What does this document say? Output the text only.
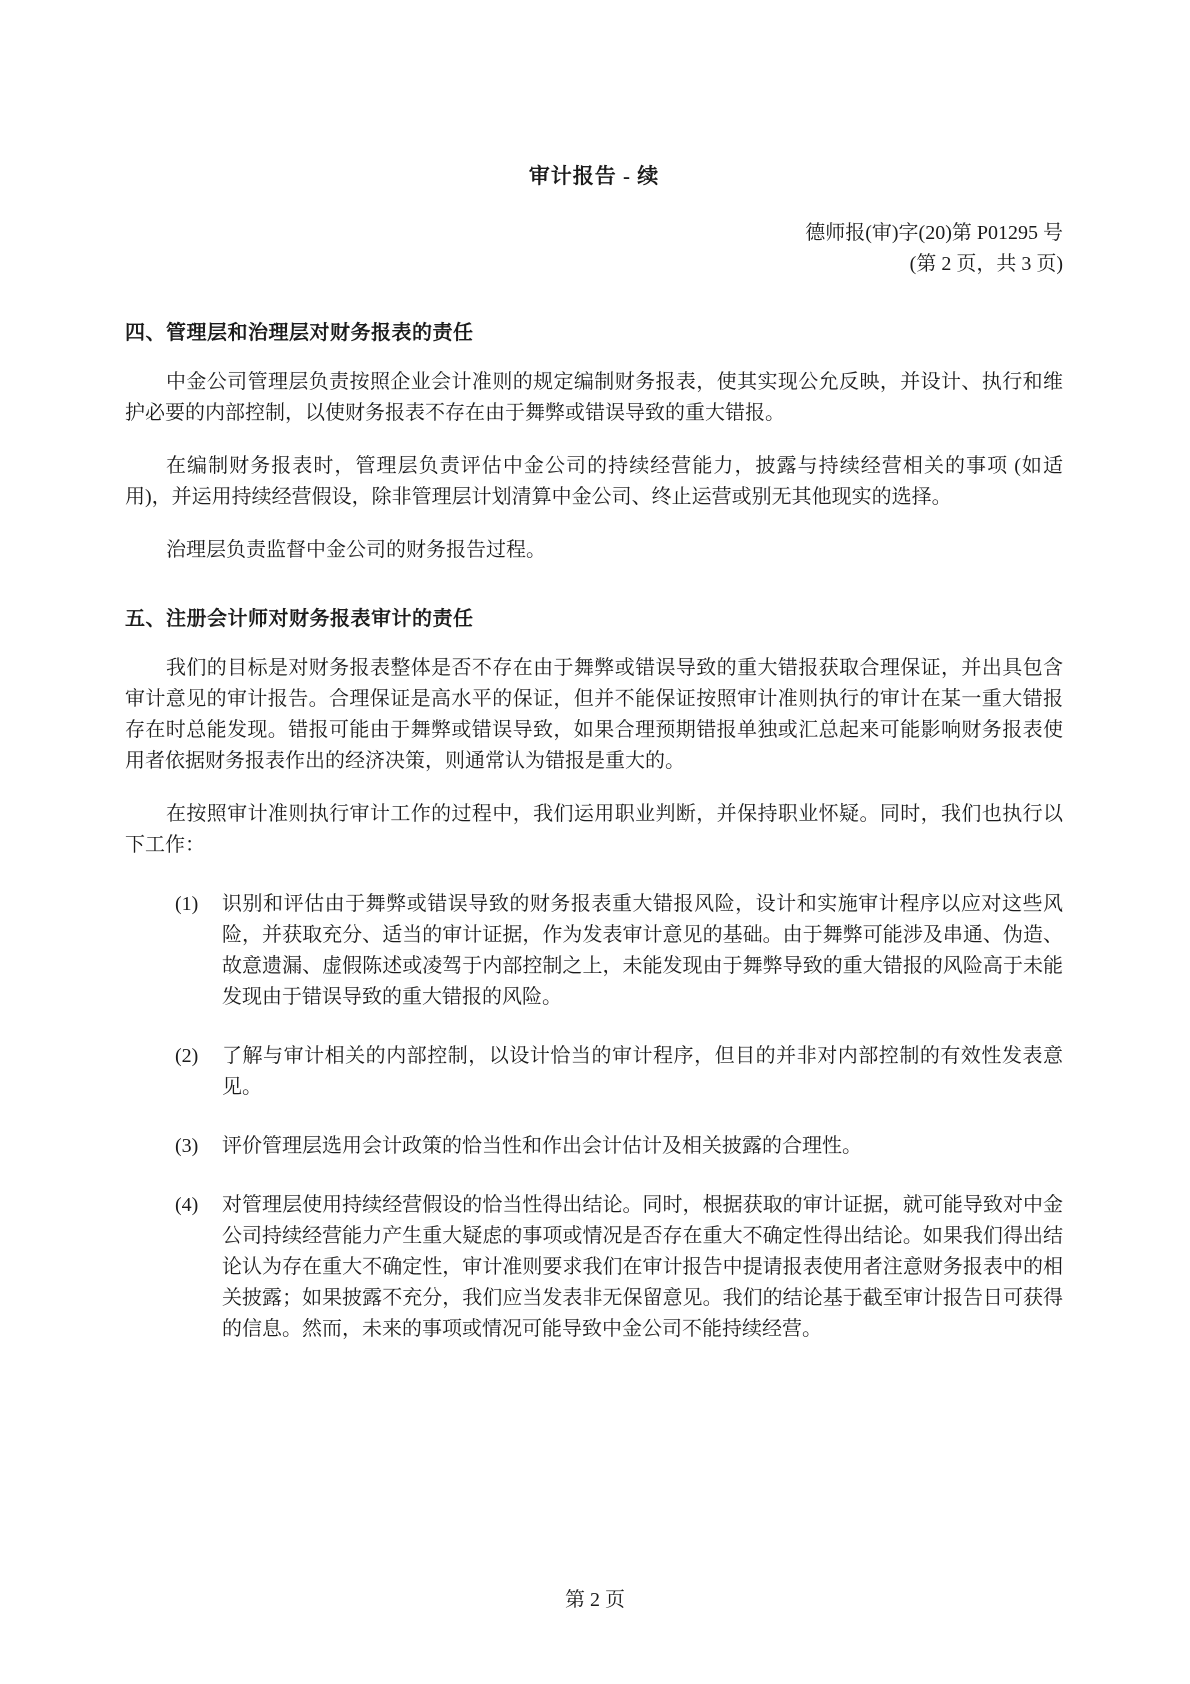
审计报告 - 续
德师报(审)字(20)第 P01295 号
(第 2 页，共 3 页)
四、管理层和治理层对财务报表的责任

中金公司管理层负责按照企业会计准则的规定编制财务报表，使其实现公允反映，并设计、执行和维护必要的内部控制，以使财务报表不存在由于舞弊或错误导致的重大错报。

在编制财务报表时，管理层负责评估中金公司的持续经营能力，披露与持续经营相关的事项 (如适用)，并运用持续经营假设，除非管理层计划清算中金公司、终止运营或别无其他现实的选择。

治理层负责监督中金公司的财务报告过程。

五、注册会计师对财务报表审计的责任

我们的目标是对财务报表整体是否不存在由于舞弊或错误导致的重大错报获取合理保证，并出具包含审计意见的审计报告。合理保证是高水平的保证，但并不能保证按照审计准则执行的审计在某一重大错报存在时总能发现。错报可能由于舞弊或错误导致，如果合理预期错报单独或汇总起来可能影响财务报表使用者依据财务报表作出的经济决策，则通常认为错报是重大的。

在按照审计准则执行审计工作的过程中，我们运用职业判断，并保持职业怀疑。同时，我们也执行以下工作：

(1)	识别和评估由于舞弊或错误导致的财务报表重大错报风险，设计和实施审计程序以应对这些风险，并获取充分、适当的审计证据，作为发表审计意见的基础。由于舞弊可能涉及串通、伪造、故意遗漏、虚假陈述或凌驾于内部控制之上，未能发现由于舞弊导致的重大错报的风险高于未能发现由于错误导致的重大错报的风险。
(2)	了解与审计相关的内部控制，以设计恰当的审计程序，但目的并非对内部控制的有效性发表意见。
(3)	评价管理层选用会计政策的恰当性和作出会计估计及相关披露的合理性。
(4)	对管理层使用持续经营假设的恰当性得出结论。同时，根据获取的审计证据，就可能导致对中金公司持续经营能力产生重大疑虑的事项或情况是否存在重大不确定性得出结论。如果我们得出结论认为存在重大不确定性，审计准则要求我们在审计报告中提请报表使用者注意财务报表中的相关披露；如果披露不充分，我们应当发表非无保留意见。我们的结论基于截至审计报告日可获得的信息。然而，未来的事项或情况可能导致中金公司不能持续经营。
第 2 页
